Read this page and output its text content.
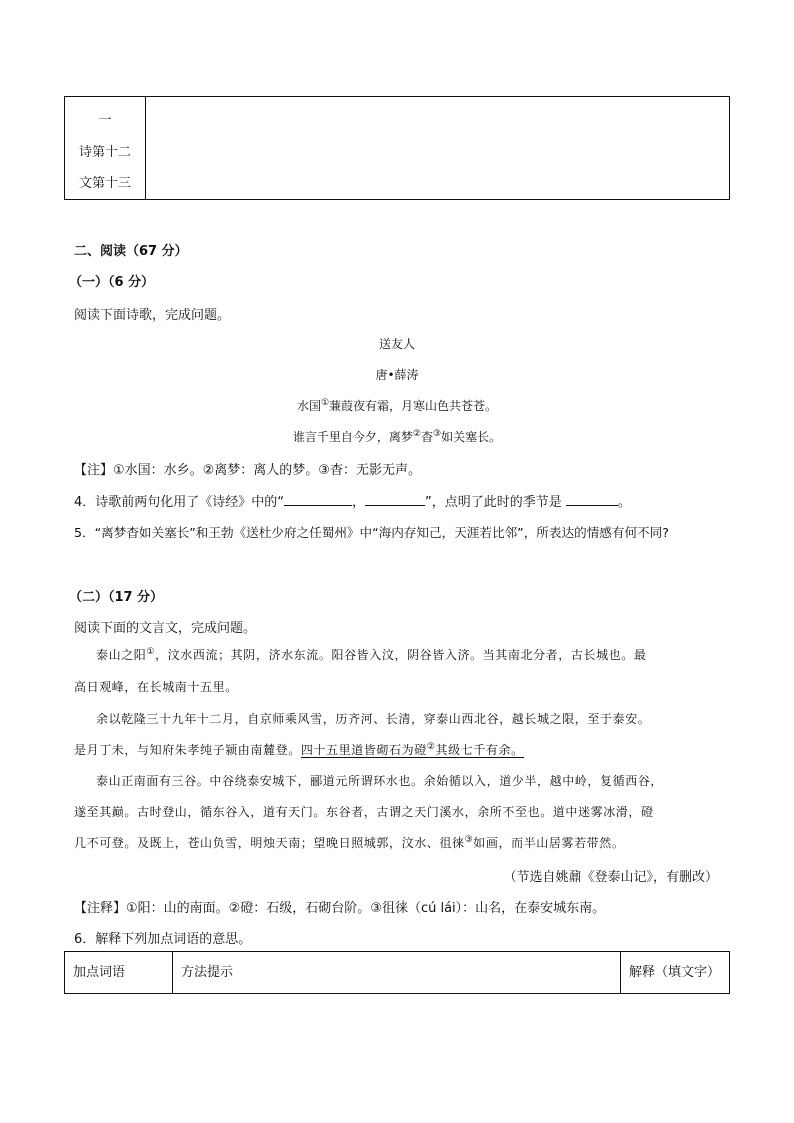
一
诗第十二
文第十三
二、阅读（67 分）
（一）（6 分）
阅读下面诗歌，完成问题。
送友人
唐•薛涛
水国①蒹葭夜有霜，月寒山色共苍苍。
谁言千里自今夕，离梦②杳③如关塞长。
【注】①水国：水乡。②离梦：离人的梦。③杳：无影无声。
4．诗歌前两句化用了《诗经》中的“	，	”，点明了此时的季节是	。
5．“离梦杳如关塞长”和王勃《送杜少府之任蜀州》中“海内存知己，天涯若比邻”，所表达的情感有何不同?
（二）（17 分）
阅读下面的文言文，完成问题。
泰山之阳①，汶水西流；其阴，济水东流。阳谷皆入汶，阴谷皆入济。当其南北分者，古长城也。最
高日观峰，在长城南十五里。
余以乾隆三十九年十二月，自京师乘风雪，历齐河、长清，穿泰山西北谷，越长城之限，至于泰安。
是月丁未，与知府朱孝纯子颍由南麓登。四十五里道皆砌石为磴②其级七千有余。
泰山正南面有三谷。中谷绕泰安城下，郦道元所谓环水也。余始循以入，道少半，越中岭，复循西谷，
遂至其巅。古时登山，循东谷入，道有天门。东谷者，古谓之天门溪水，余所不至也。道中迷雾冰滑，磴
几不可登。及既上，苍山负雪，明烛天南；望晚日照城郭，汶水、徂徕③如画，而半山居雾若带然。
（节选自姚鼐《登泰山记》，有删改）
【注释】①阳：山的南面。②磴：石级，石砌台阶。③徂徕（cú lái）：山名，在泰安城东南。
6．解释下列加点词语的意思。
加点词语	方法提示	解释（填文字）
